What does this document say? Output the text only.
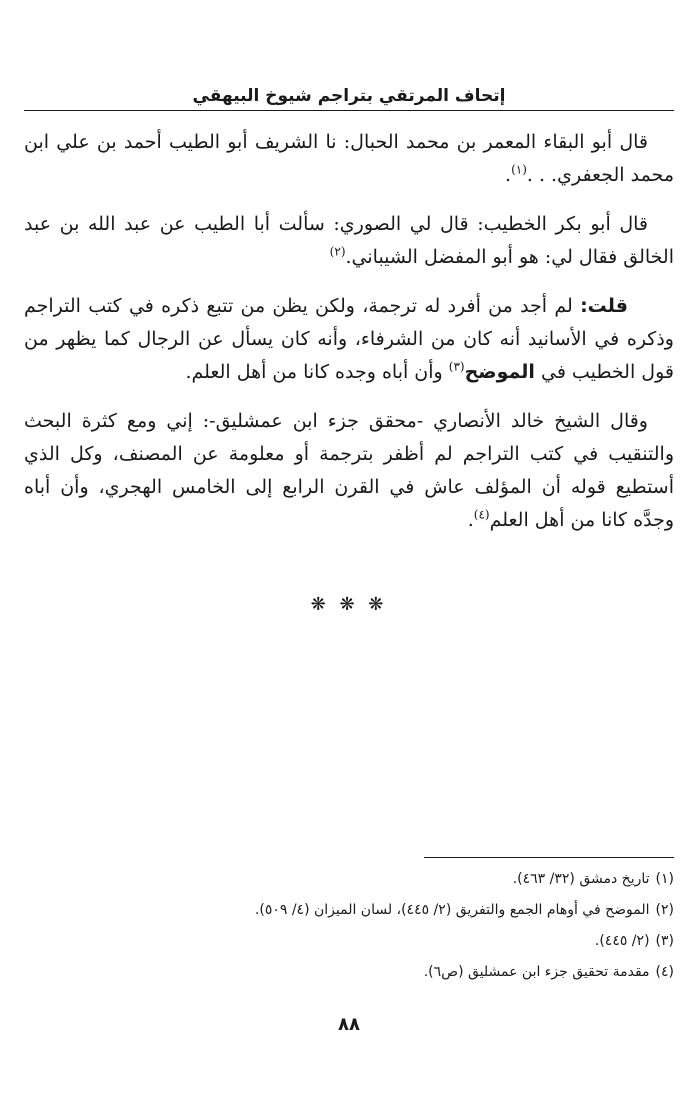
إتحاف المرتقي بتراجم شيوخ البيهقي

قال أبو البقاء المعمر بن محمد الحبال: نا الشريف أبو الطيب أحمد بن علي ابن محمد الجعفري. . .$^{(١)}$.

قال أبو بكر الخطيب: قال لي الصوري: سألت أبا الطيب عن عبد الله بن عبد الخالق فقال لي: هو أبو المفضل الشيباني.$^{(٢)}$

قلت: لم أجد من أفرد له ترجمة، ولكن يظن من تتبع ذكره في كتب التراجم وذكره في الأسانيد أنه كان من الشرفاء، وأنه كان يسأل عن الرجال كما يظهر من قول الخطيب في الموضح$^{(٣)}$ وأن أباه وجده كانا من أهل العلم.

وقال الشيخ خالد الأنصاري -محقق جزء ابن عمشليق-: إني ومع كثرة البحث والتنقيب في كتب التراجم لم أظفر بترجمة أو معلومة عن المصنف، وكل الذي أستطيع قوله أن المؤلف عاش في القرن الرابع إلى الخامس الهجري، وأن أباه وجدَّه كانا من أهل العلم$^{(٤)}$.

❋ ❋ ❋

(١)تاريخ دمشق (٣٢/ ٤٦٣).

(٢)الموضح في أوهام الجمع والتفريق (٢/ ٤٤٥)، لسان الميزان (٤/ ٥٠٩).

(٣)(٢/ ٤٤٥).

(٤)مقدمة تحقيق جزء ابن عمشليق (ص٦).

٨٨
